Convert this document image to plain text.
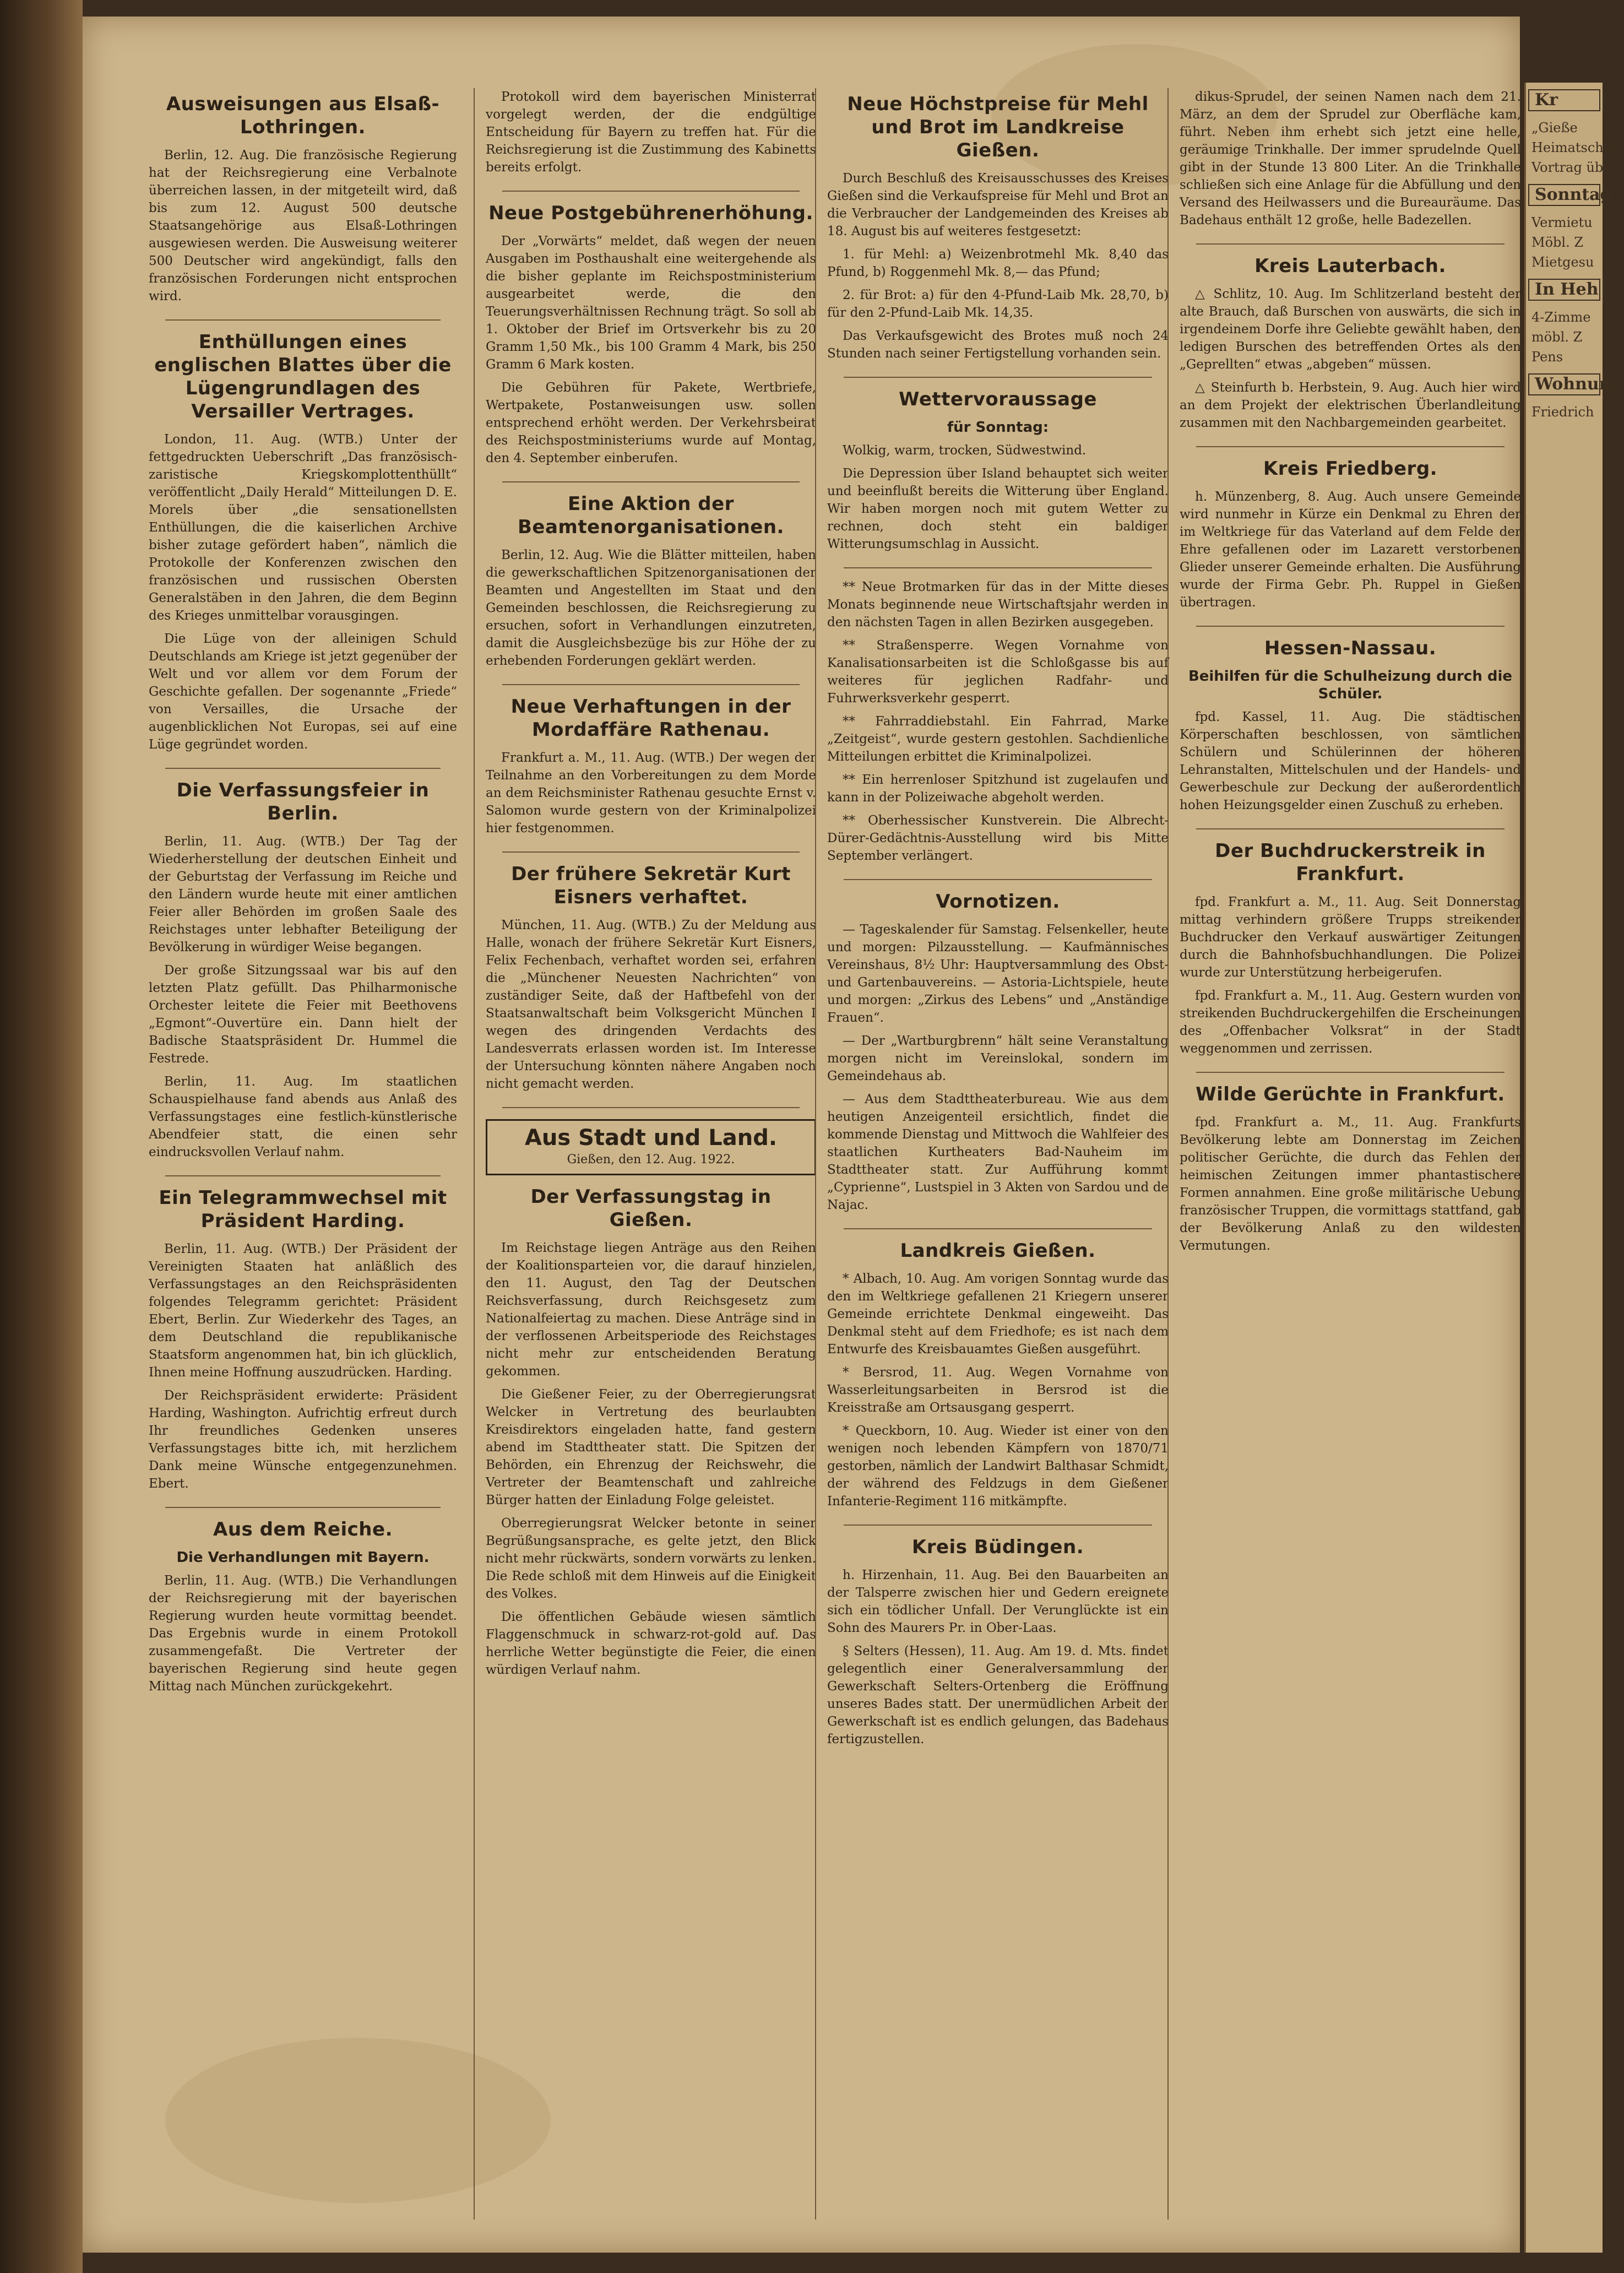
Ausweisungen aus Elsaß-Lothringen.

Berlin, 12. Aug. Die französische Regierung hat der Reichsregierung eine Verbalnote überreichen lassen, in der mitgeteilt wird, daß bis zum 12. August 500 deutsche Staatsangehörige aus Elsaß-Lothringen ausgewiesen werden. Die Ausweisung weiterer 500 Deutscher wird angekündigt, falls den französischen Forderungen nicht entsprochen wird.

Enthüllungen eines englischen Blattes über die Lügengrundlagen des Versailler Vertrages.

London, 11. Aug. (WTB.) Unter der fettgedruckten Ueberschrift „Das französisch-zaristische Kriegskomplottenthüllt“ veröffentlicht „Daily Herald“ Mitteilungen D. E. Morels über „die sensationellsten Enthüllungen, die die kaiserlichen Archive bisher zutage gefördert haben“, nämlich die Protokolle der Konferenzen zwischen den französischen und russischen Obersten Generalstäben in den Jahren, die dem Beginn des Krieges unmittelbar vorausgingen.

Die Lüge von der alleinigen Schuld Deutschlands am Kriege ist jetzt gegenüber der Welt und vor allem vor dem Forum der Geschichte gefallen. Der sogenannte „Friede“ von Versailles, die Ursache der augenblicklichen Not Europas, sei auf eine Lüge gegründet worden.

Die Verfassungsfeier in Berlin.

Berlin, 11. Aug. (WTB.) Der Tag der Wiederherstellung der deutschen Einheit und der Geburtstag der Verfassung im Reiche und den Ländern wurde heute mit einer amtlichen Feier aller Behörden im großen Saale des Reichstages unter lebhafter Beteiligung der Bevölkerung in würdiger Weise begangen.

Der große Sitzungssaal war bis auf den letzten Platz gefüllt. Das Philharmonische Orchester leitete die Feier mit Beethovens „Egmont“-Ouvertüre ein. Dann hielt der Badische Staatspräsident Dr. Hummel die Festrede.

Berlin, 11. Aug. Im staatlichen Schauspielhause fand abends aus Anlaß des Verfassungstages eine festlich-künstlerische Abendfeier statt, die einen sehr eindrucksvollen Verlauf nahm.

Ein Telegrammwechsel mit Präsident Harding.

Berlin, 11. Aug. (WTB.) Der Präsident der Vereinigten Staaten hat anläßlich des Verfassungstages an den Reichspräsidenten folgendes Telegramm gerichtet: Präsident Ebert, Berlin. Zur Wiederkehr des Tages, an dem Deutschland die republikanische Staatsform angenommen hat, bin ich glücklich, Ihnen meine Hoffnung auszudrücken. Harding.

Der Reichspräsident erwiderte: Präsident Harding, Washington. Aufrichtig erfreut durch Ihr freundliches Gedenken unseres Verfassungstages bitte ich, mit herzlichem Dank meine Wünsche entgegenzunehmen. Ebert.

Aus dem Reiche.
Die Verhandlungen mit Bayern.

Berlin, 11. Aug. (WTB.) Die Verhandlungen der Reichsregierung mit der bayerischen Regierung wurden heute vormittag beendet. Das Ergebnis wurde in einem Protokoll zusammengefaßt. Die Vertreter der bayerischen Regierung sind heute gegen Mittag nach München zurückgekehrt.

Protokoll wird dem bayerischen Ministerrat vorgelegt werden, der die endgültige Entscheidung für Bayern zu treffen hat. Für die Reichsregierung ist die Zustimmung des Kabinetts bereits erfolgt.

Neue Postgebührenerhöhung.

Der „Vorwärts“ meldet, daß wegen der neuen Ausgaben im Posthaushalt eine weitergehende als die bisher geplante im Reichspostministerium ausgearbeitet werde, die den Teuerungsverhältnissen Rechnung trägt. So soll ab 1. Oktober der Brief im Ortsverkehr bis zu 20 Gramm 1,50 Mk., bis 100 Gramm 4 Mark, bis 250 Gramm 6 Mark kosten.

Die Gebühren für Pakete, Wertbriefe, Wertpakete, Postanweisungen usw. sollen entsprechend erhöht werden. Der Verkehrsbeirat des Reichspostministeriums wurde auf Montag, den 4. September einberufen.

Eine Aktion der Beamtenorganisationen.

Berlin, 12. Aug. Wie die Blätter mitteilen, haben die gewerkschaftlichen Spitzenorganisationen der Beamten und Angestellten im Staat und den Gemeinden beschlossen, die Reichsregierung zu ersuchen, sofort in Verhandlungen einzutreten, damit die Ausgleichsbezüge bis zur Höhe der zu erhebenden Forderungen geklärt werden.

Neue Verhaftungen in der Mordaffäre Rathenau.

Frankfurt a. M., 11. Aug. (WTB.) Der wegen der Teilnahme an den Vorbereitungen zu dem Morde an dem Reichsminister Rathenau gesuchte Ernst v. Salomon wurde gestern von der Kriminalpolizei hier festgenommen.

Der frühere Sekretär Kurt Eisners verhaftet.

München, 11. Aug. (WTB.) Zu der Meldung aus Halle, wonach der frühere Sekretär Kurt Eisners, Felix Fechenbach, verhaftet worden sei, erfahren die „Münchener Neuesten Nachrichten“ von zuständiger Seite, daß der Haftbefehl von der Staatsanwaltschaft beim Volksgericht München I wegen des dringenden Verdachts des Landesverrats erlassen worden ist. Im Interesse der Untersuchung könnten nähere Angaben noch nicht gemacht werden.

Aus Stadt und Land.
Gießen, den 12. Aug. 1922.
Der Verfassungstag in Gießen.

Im Reichstage liegen Anträge aus den Reihen der Koalitionsparteien vor, die darauf hinzielen, den 11. August, den Tag der Deutschen Reichsverfassung, durch Reichsgesetz zum Nationalfeiertag zu machen. Diese Anträge sind in der verflossenen Arbeitsperiode des Reichstages nicht mehr zur entscheidenden Beratung gekommen.

Die Gießener Feier, zu der Oberregierungsrat Welcker in Vertretung des beurlaubten Kreisdirektors eingeladen hatte, fand gestern abend im Stadttheater statt. Die Spitzen der Behörden, ein Ehrenzug der Reichswehr, die Vertreter der Beamtenschaft und zahlreiche Bürger hatten der Einladung Folge geleistet.

Oberregierungsrat Welcker betonte in seiner Begrüßungsansprache, es gelte jetzt, den Blick nicht mehr rückwärts, sondern vorwärts zu lenken. Die Rede schloß mit dem Hinweis auf die Einigkeit des Volkes.

Die öffentlichen Gebäude wiesen sämtlich Flaggenschmuck in schwarz-rot-gold auf. Das herrliche Wetter begünstigte die Feier, die einen würdigen Verlauf nahm.

Neue Höchstpreise für Mehl und Brot im Landkreise Gießen.

Durch Beschluß des Kreisausschusses des Kreises Gießen sind die Verkaufspreise für Mehl und Brot an die Verbraucher der Landgemeinden des Kreises ab 18. August bis auf weiteres festgesetzt:

1. für Mehl: a) Weizenbrotmehl Mk. 8,40 das Pfund, b) Roggenmehl Mk. 8,— das Pfund;

2. für Brot: a) für den 4-Pfund-Laib Mk. 28,70, b) für den 2-Pfund-Laib Mk. 14,35.

Das Verkaufsgewicht des Brotes muß noch 24 Stunden nach seiner Fertigstellung vorhanden sein.

Wettervoraussage
für Sonntag:

Wolkig, warm, trocken, Südwestwind.

Die Depression über Island behauptet sich weiter und beeinflußt bereits die Witterung über England. Wir haben morgen noch mit gutem Wetter zu rechnen, doch steht ein baldiger Witterungsumschlag in Aussicht.

** Neue Brotmarken für das in der Mitte dieses Monats beginnende neue Wirtschaftsjahr werden in den nächsten Tagen in allen Bezirken ausgegeben.

** Straßensperre. Wegen Vornahme von Kanalisationsarbeiten ist die Schloßgasse bis auf weiteres für jeglichen Radfahr- und Fuhrwerksverkehr gesperrt.

** Fahrraddiebstahl. Ein Fahrrad, Marke „Zeitgeist“, wurde gestern gestohlen. Sachdienliche Mitteilungen erbittet die Kriminalpolizei.

** Ein herrenloser Spitzhund ist zugelaufen und kann in der Polizeiwache abgeholt werden.

** Oberhessischer Kunstverein. Die Albrecht-Dürer-Gedächtnis-Ausstellung wird bis Mitte September verlängert.

Vornotizen.

— Tageskalender für Samstag. Felsenkeller, heute und morgen: Pilzausstellung. — Kaufmännisches Vereinshaus, 8½ Uhr: Hauptversammlung des Obst- und Gartenbauvereins. — Astoria-Lichtspiele, heute und morgen: „Zirkus des Lebens“ und „Anständige Frauen“.

— Der „Wartburgbrenn“ hält seine Veranstaltung morgen nicht im Vereinslokal, sondern im Gemeindehaus ab.

— Aus dem Stadttheaterbureau. Wie aus dem heutigen Anzeigenteil ersichtlich, findet die kommende Dienstag und Mittwoch die Wahlfeier des staatlichen Kurtheaters Bad-Nauheim im Stadttheater statt. Zur Aufführung kommt „Cyprienne“, Lustspiel in 3 Akten von Sardou und de Najac.

Landkreis Gießen.

* Albach, 10. Aug. Am vorigen Sonntag wurde das den im Weltkriege gefallenen 21 Kriegern unserer Gemeinde errichtete Denkmal eingeweiht. Das Denkmal steht auf dem Friedhofe; es ist nach dem Entwurfe des Kreisbauamtes Gießen ausgeführt.

* Bersrod, 11. Aug. Wegen Vornahme von Wasserleitungsarbeiten in Bersrod ist die Kreisstraße am Ortsausgang gesperrt.

* Queckborn, 10. Aug. Wieder ist einer von den wenigen noch lebenden Kämpfern von 1870/71 gestorben, nämlich der Landwirt Balthasar Schmidt, der während des Feldzugs in dem Gießener Infanterie-Regiment 116 mitkämpfte.

Kreis Büdingen.

h. Hirzenhain, 11. Aug. Bei den Bauarbeiten an der Talsperre zwischen hier und Gedern ereignete sich ein tödlicher Unfall. Der Verunglückte ist ein Sohn des Maurers Pr. in Ober-Laas.

§ Selters (Hessen), 11. Aug. Am 19. d. Mts. findet gelegentlich einer Generalversammlung der Gewerkschaft Selters-Ortenberg die Eröffnung unseres Bades statt. Der unermüdlichen Arbeit der Gewerkschaft ist es endlich gelungen, das Badehaus fertigzustellen.

dikus-Sprudel, der seinen Namen nach dem 21. März, an dem der Sprudel zur Oberfläche kam, führt. Neben ihm erhebt sich jetzt eine helle, geräumige Trinkhalle. Der immer sprudelnde Quell gibt in der Stunde 13 800 Liter. An die Trinkhalle schließen sich eine Anlage für die Abfüllung und den Versand des Heilwassers und die Bureauräume. Das Badehaus enthält 12 große, helle Badezellen.

Kreis Lauterbach.

△ Schlitz, 10. Aug. Im Schlitzerland besteht der alte Brauch, daß Burschen von auswärts, die sich in irgendeinem Dorfe ihre Geliebte gewählt haben, den ledigen Burschen des betreffenden Ortes als den „Geprellten“ etwas „abgeben“ müssen.

△ Steinfurth b. Herbstein, 9. Aug. Auch hier wird an dem Projekt der elektrischen Überlandleitung zusammen mit den Nachbargemeinden gearbeitet.

Kreis Friedberg.

h. Münzenberg, 8. Aug. Auch unsere Gemeinde wird nunmehr in Kürze ein Denkmal zu Ehren der im Weltkriege für das Vaterland auf dem Felde der Ehre gefallenen oder im Lazarett verstorbenen Glieder unserer Gemeinde erhalten. Die Ausführung wurde der Firma Gebr. Ph. Ruppel in Gießen übertragen.

Hessen-Nassau.
Beihilfen für die Schulheizung durch die Schüler.

fpd. Kassel, 11. Aug. Die städtischen Körperschaften beschlossen, von sämtlichen Schülern und Schülerinnen der höheren Lehranstalten, Mittelschulen und der Handels- und Gewerbeschule zur Deckung der außerordentlich hohen Heizungsgelder einen Zuschuß zu erheben.

Der Buchdruckerstreik in Frankfurt.

fpd. Frankfurt a. M., 11. Aug. Seit Donnerstag mittag verhindern größere Trupps streikender Buchdrucker den Verkauf auswärtiger Zeitungen durch die Bahnhofsbuchhandlungen. Die Polizei wurde zur Unterstützung herbeigerufen.

fpd. Frankfurt a. M., 11. Aug. Gestern wurden von streikenden Buchdruckergehilfen die Erscheinungen des „Offenbacher Volksrat“ in der Stadt weggenommen und zerrissen.

Wilde Gerüchte in Frankfurt.

fpd. Frankfurt a. M., 11. Aug. Frankfurts Bevölkerung lebte am Donnerstag im Zeichen politischer Gerüchte, die durch das Fehlen der heimischen Zeitungen immer phantastischere Formen annahmen. Eine große militärische Uebung französischer Truppen, die vormittags stattfand, gab der Bevölkerung Anlaß zu den wildesten Vermutungen.

Kr
„Gieße
Heimatschutz
Vortrag über
Sonntag
Vermietu
Möbl. Z
Mietgesu
In Heh
4-Zimme
möbl. Z
Pens
Wohnung
Friedrich
